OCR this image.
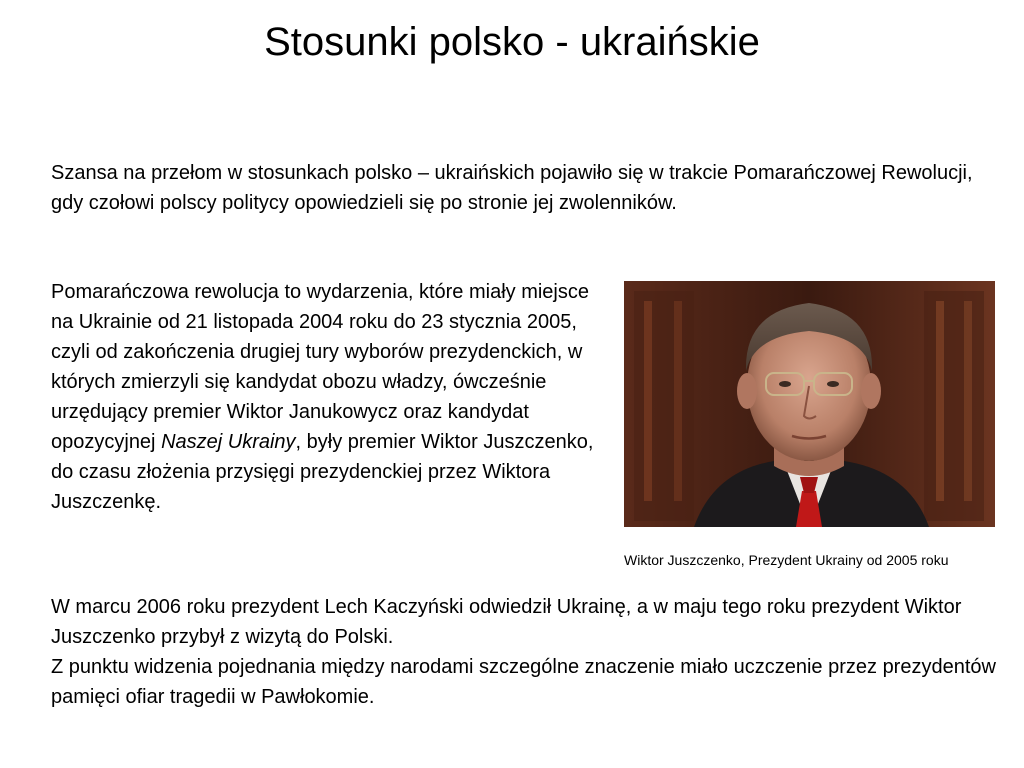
Stosunki polsko - ukraińskie

Szansa na przełom w stosunkach polsko – ukraińskich pojawiło się w trakcie Pomarańczowej Rewolucji, gdy czołowi polscy politycy opowiedzieli się po stronie jej zwolenników.

Pomarańczowa rewolucja to wydarzenia, które miały miejsce na Ukrainie od 21 listopada 2004 roku do 23 stycznia 2005, czyli od zakończenia drugiej tury wyborów prezydenckich, w których zmierzyli się kandydat obozu władzy, ówcześnie urzędujący premier Wiktor Janukowycz oraz kandydat opozycyjnej Naszej Ukrainy, były premier Wiktor Juszczenko, do czasu złożenia przysięgi prezydenckiej przez Wiktora Juszczenkę.

Wiktor Juszczenko, Prezydent Ukrainy od 2005 roku
W marcu 2006 roku prezydent Lech Kaczyński odwiedził Ukrainę, a w maju tego roku prezydent Wiktor Juszczenko przybył z wizytą do Polski.
Z punktu widzenia pojednania między narodami szczególne znaczenie miało uczczenie przez prezydentów pamięci ofiar tragedii w Pawłokomie.
